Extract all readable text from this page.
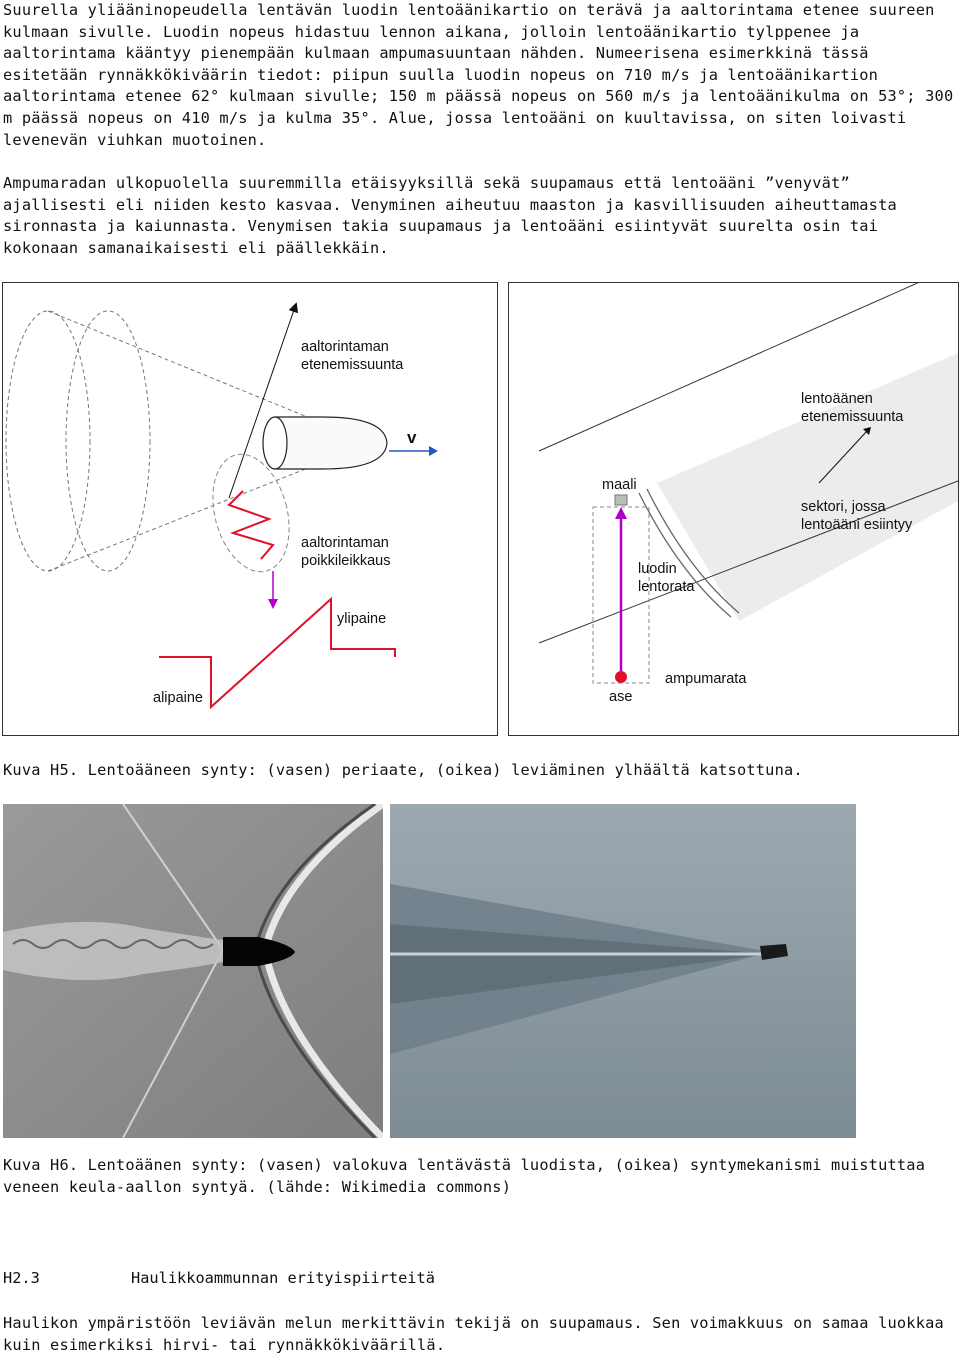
Suurella yliääninopeudella lentävän luodin lentoäänikartio on terävä ja aaltorintama etenee suureen kulmaan sivulle. Luodin nopeus hidastuu lennon aikana, jolloin lentoäänikartio tylppenee ja aaltorintama kääntyy pienempään kulmaan ampumasuuntaan nähden. Numeerisena esimerkkinä tässä esitetään rynnäkkökiväärin tiedot: piipun suulla luodin nopeus on 710 m/s ja lentoäänikartion aaltorintama etenee 62° kulmaan sivulle; 150 m päässä nopeus on 560 m/s ja lentoäänikulma on 53°; 300 m päässä nopeus on 410 m/s ja kulma 35°. Alue, jossa lentoääni on kuultavissa, on siten loivasti levenevän viuhkan muotoinen.

Ampumaradan ulkopuolella suuremmilla etäisyyksillä sekä suupamaus että lentoääni ”venyvät” ajallisesti eli niiden kesto kasvaa. Venyminen aiheutuu maaston ja kasvillisuuden aiheuttamasta sironnasta ja kaiunnasta. Venymisen takia suupamaus ja lentoääni esiintyvät suurelta osin tai kokonaan samanaikaisesti eli päällekkäin.

aaltorintaman
etenemissuunta
v
aaltorintaman
poikkileikkaus
ylipaine
alipaine
lentoäänen
etenemissuunta
maali
sektori, jossa
lentoääni esiintyy
luodin
lentorata
ampumarata
ase

Kuva H5. Lentoääneen synty: (vasen) periaate, (oikea) leviäminen ylhäältä katsottuna.

Kuva H6. Lentoäänen synty: (vasen) valokuva lentävästä luodista, (oikea) syntymekanismi muistuttaa

veneen keula-aallon syntyä. (lähde: Wikimedia commons)

H2.3	Haulikkoammunnan erityispiirteitä

Haulikon ympäristöön leviävän melun merkittävin tekijä on suupamaus. Sen voimakkuus on samaa luokkaa kuin esimerkiksi hirvi- tai rynnäkkökiväärillä.
